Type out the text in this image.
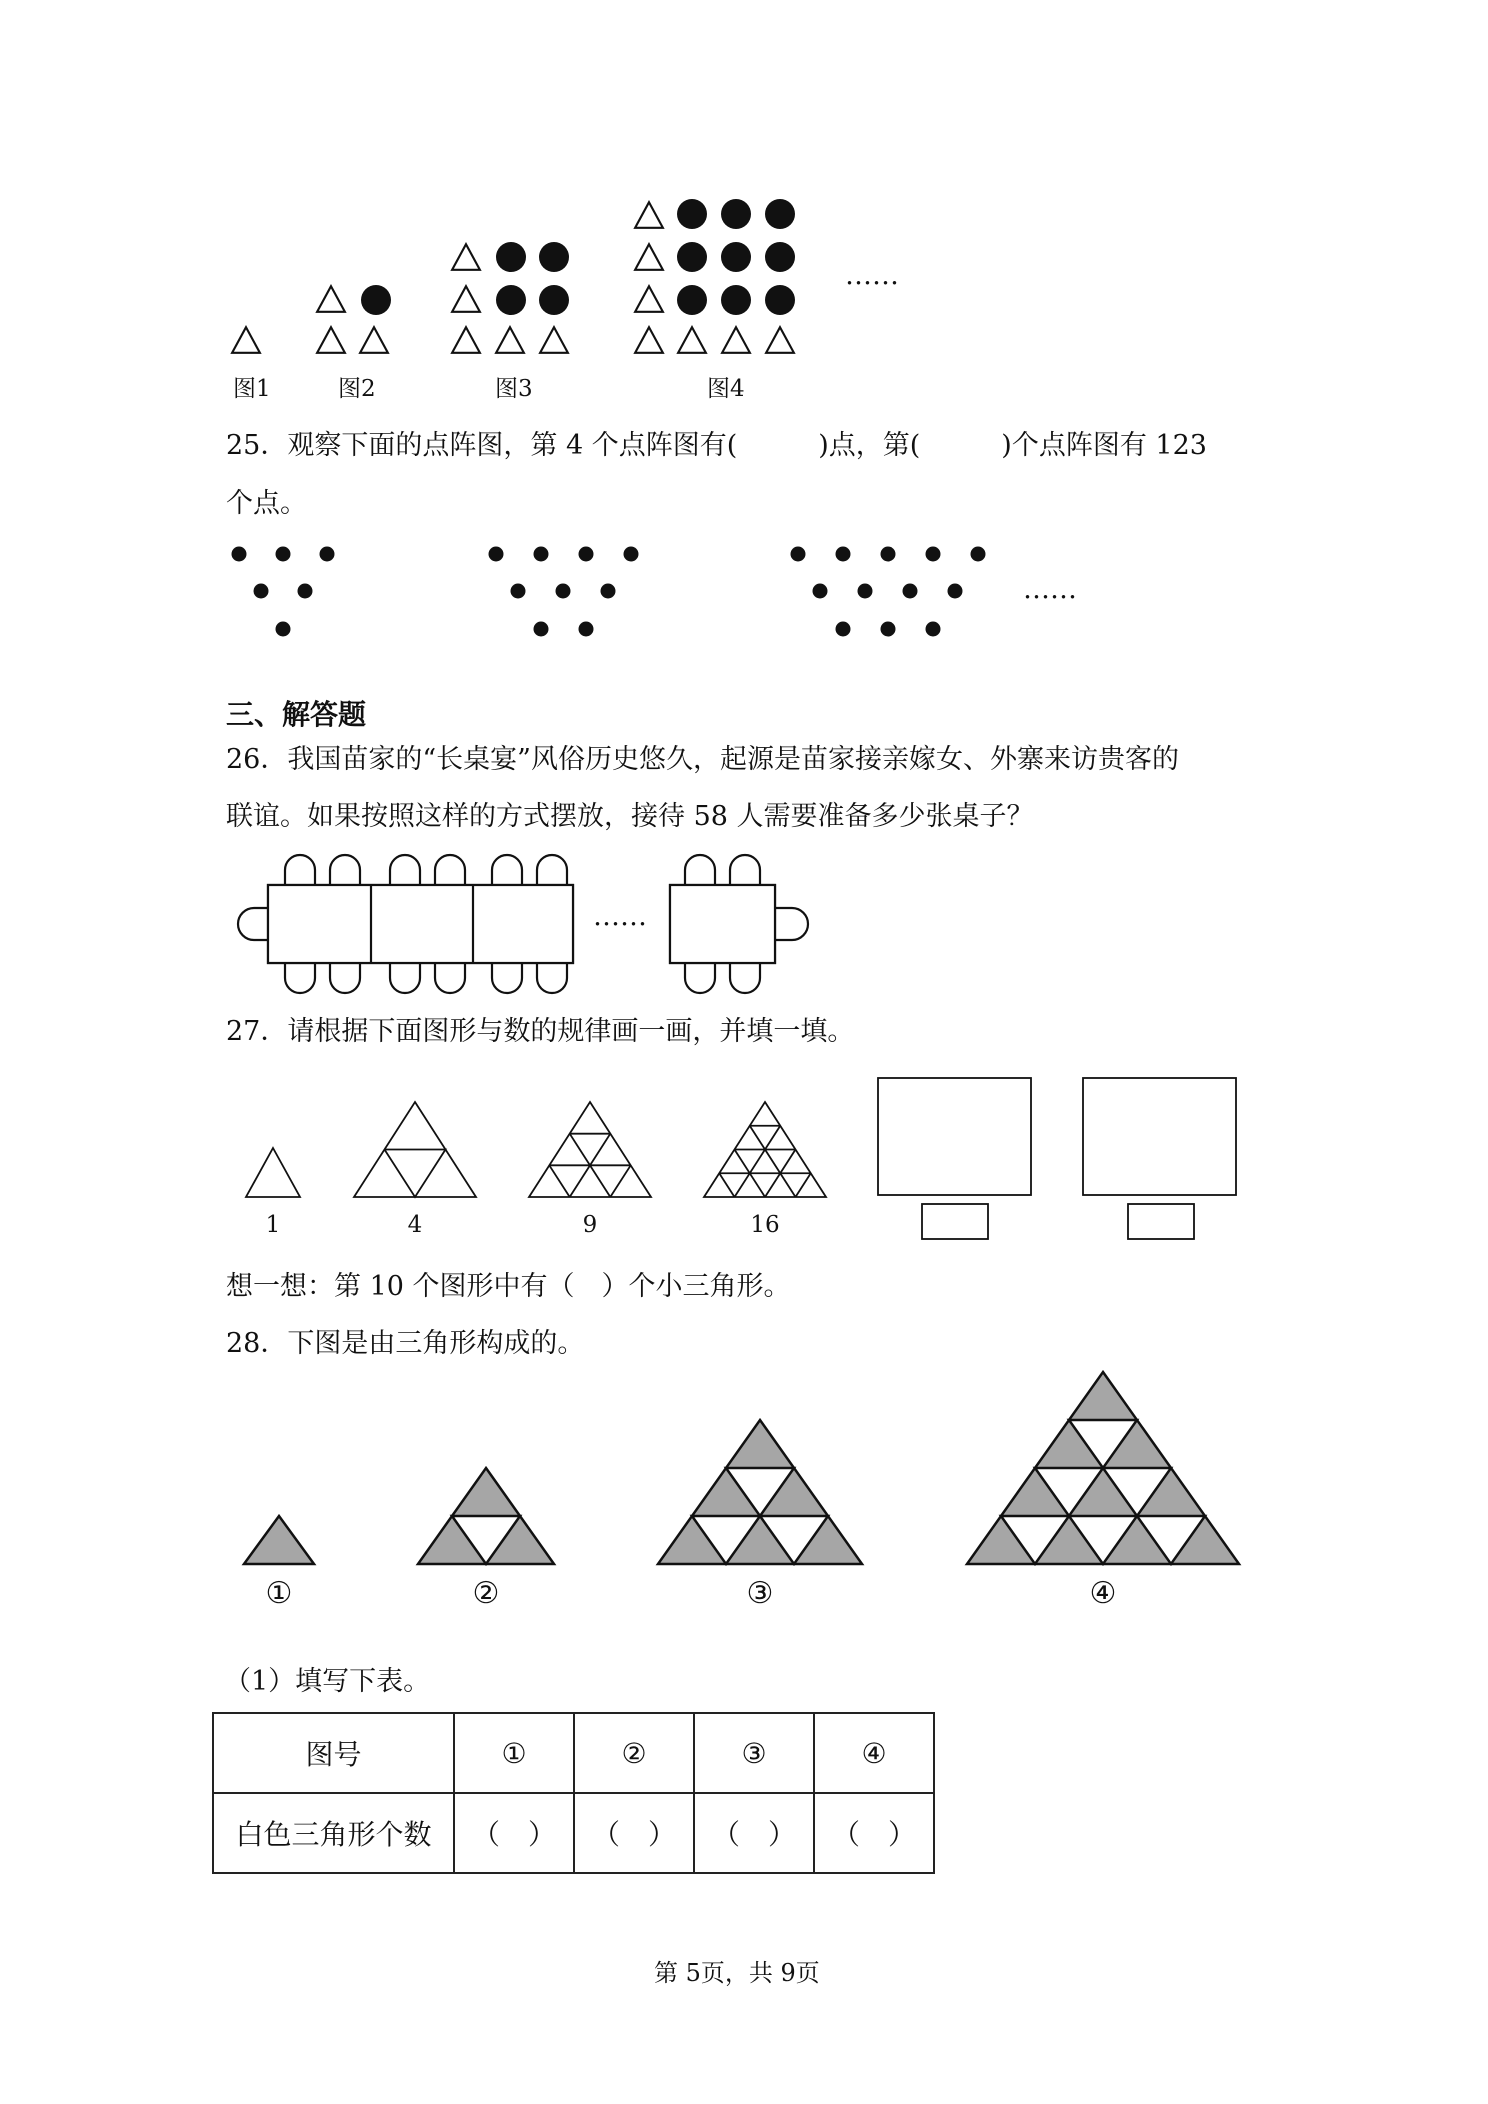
……
图1	图2	图3	图4
25．观察下面的点阵图，第 4 个点阵图有(　　　)点，第(　　　)个点阵图有 123
个点。
……
三、解答题
26．我国苗家的“长桌宴”风俗历史悠久，起源是苗家接亲嫁女、外寨来访贵客的
联谊。如果按照这样的方式摆放，接待 58 人需要准备多少张桌子？
……
27．请根据下面图形与数的规律画一画，并填一填。
1	4	9	16
想一想：第 10 个图形中有（　）个小三角形。
28．下图是由三角形构成的。
①	②	③	④
（1）填写下表。
图号	①	②	③	④
白色三角形个数	（　）	（　）	（　）	（　）
第 5页，共 9页
